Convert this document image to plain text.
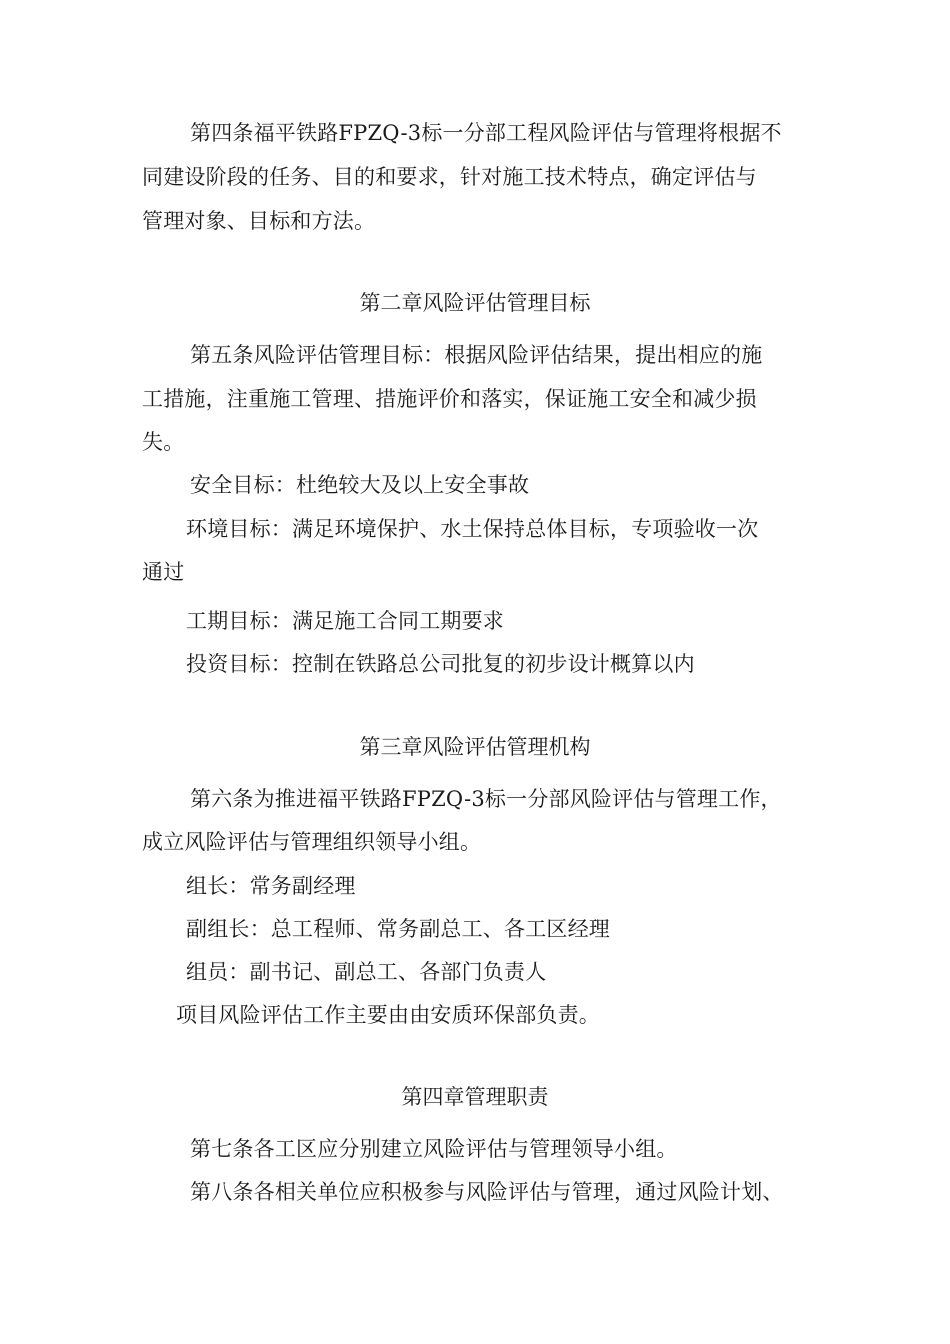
第四条福平铁路FPZQ-3标一分部工程风险评估与管理将根据不
同建设阶段的任务、目的和要求，针对施工技术特点，确定评估与
管理对象、目标和方法。
第二章风险评估管理目标
第五条风险评估管理目标：根据风险评估结果，提出相应的施
工措施，注重施工管理、措施评价和落实，保证施工安全和减少损
失。
安全目标：杜绝较大及以上安全事故
环境目标：满足环境保护、水土保持总体目标，专项验收一次
通过
工期目标：满足施工合同工期要求
投资目标：控制在铁路总公司批复的初步设计概算以内
第三章风险评估管理机构
第六条为推进福平铁路FPZQ-3标一分部风险评估与管理工作，
成立风险评估与管理组织领导小组。
组长：常务副经理
副组长：总工程师、常务副总工、各工区经理
组员：副书记、副总工、各部门负责人
项目风险评估工作主要由由安质环保部负责。
第四章管理职责
第七条各工区应分别建立风险评估与管理领导小组。
第八条各相关单位应积极参与风险评估与管理，通过风险计划、
